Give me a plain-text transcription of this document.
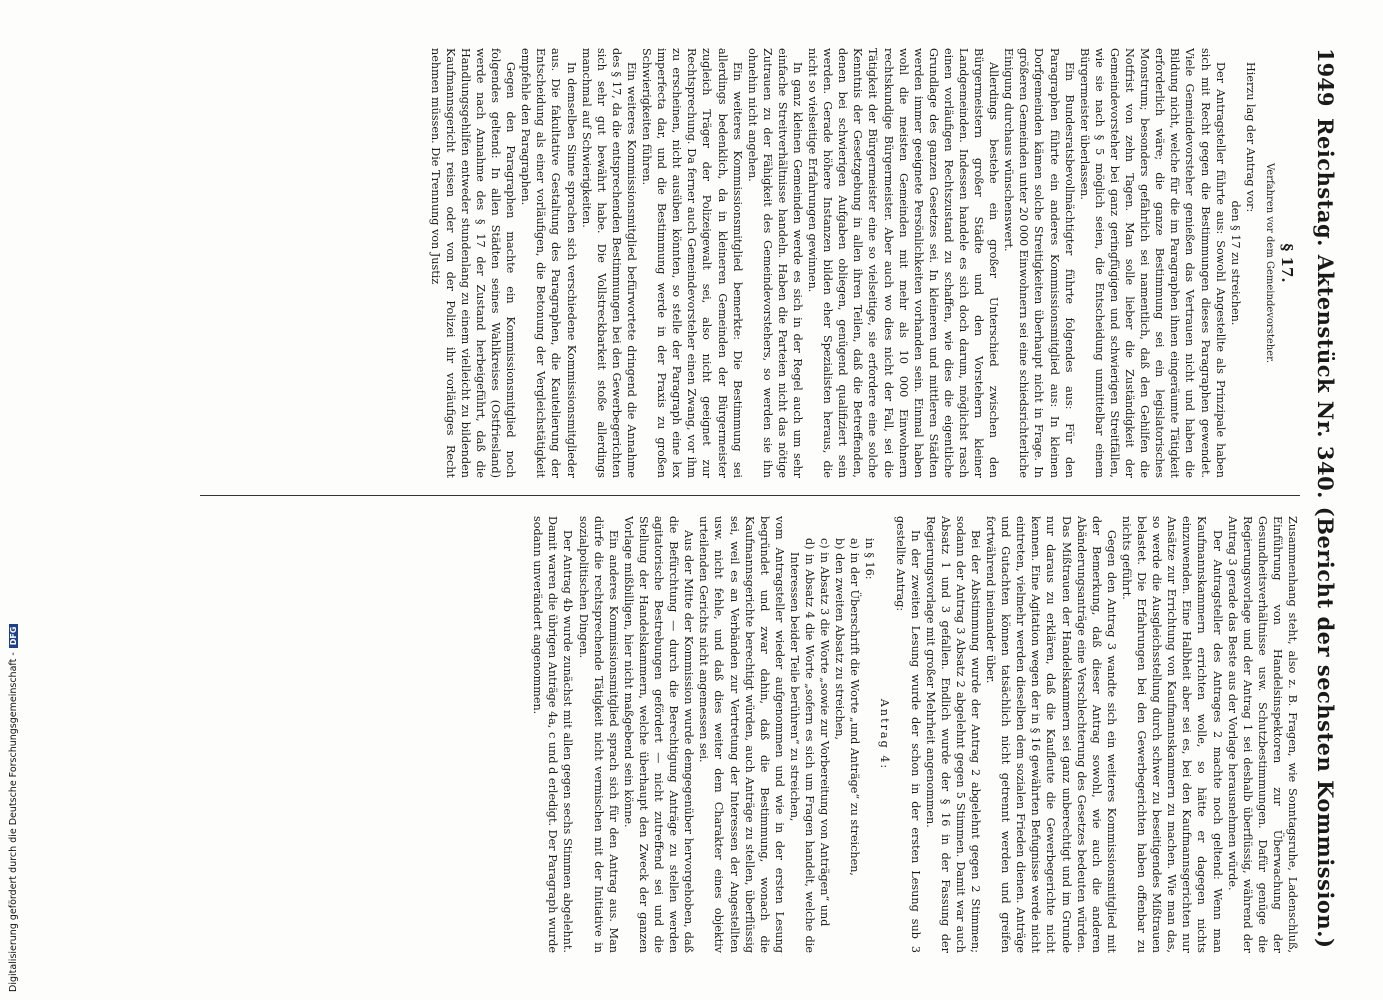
1949
Reichstag. Aktenstück Nr. 340. (Bericht der sechsten Kommission.)
§ 17.
Verfahren vor dem Gemeindevorsteher.

Hierzu lag der Antrag vor:

den § 17 zu streichen.

Der Antragsteller führte aus: Sowohl Angestellte als Prinzipale haben sich mit Recht gegen die Bestimmungen dieses Paragraphen gewendet. Viele Gemeindevorsteher genießen das Vertrauen nicht und haben die Bildung nicht, welche für die im Paragraphen ihnen eingeräumte Tätigkeit erforderlich wäre; die ganze Bestimmung sei ein legislatorisches Monstrum; besonders gefährlich sei namentlich, daß den Gehilfen die Notfrist von zehn Tagen. Man solle lieber die Zuständigkeit der Gemeindevorsteher bei ganz geringfügigen und schwierigen Streitfällen, wie sie nach § 5 möglich seien, die Entscheidung unmittelbar einem Bürgermeister überlassen.

Ein Bundesratsbevollmächtigter führte folgendes aus: Für den Paragraphen führte ein anderes Kommissionsmitglied aus: In kleinen Dorfgemeinden kämen solche Streitigkeiten überhaupt nicht in Frage. In größeren Gemeinden unter 20 000 Einwohnern sei eine schiedsrichterliche Einigung durchaus wünschenswert.

Allerdings bestehe ein großer Unterschied zwischen den Bürgermeistern großer Städte und den Vorstehern kleiner Landgemeinden. Indessen handele es sich doch darum, möglichst rasch einen vorläufigen Rechtszustand zu schaffen, wie dies die eigentliche Grundlage des ganzen Gesetzes sei. In kleineren und mittleren Städten werden immer geeignete Persönlichkeiten vorhanden sein. Einmal haben wohl die meisten Gemeinden mit mehr als 10 000 Einwohnern rechtskundige Bürgermeister. Aber auch wo dies nicht der Fall, sei die Tätigkeit der Bürgermeister eine so vielseitige, sie erfordere eine solche Kenntnis der Gesetzgebung in allen ihren Teilen, daß die Betreffenden, denen bei schwierigen Aufgaben obliegen, genügend qualifiziert sein werden. Gerade höhere Instanzen bilden eher Spezialisten heraus, die nicht so vielseitige Erfahrungen gewinnen.

In ganz kleinen Gemeinden werde es sich in der Regel auch um sehr einfache Streitverhältnisse handeln. Haben die Parteien nicht das nötige Zutrauen zu der Fähigkeit des Gemeindevorstehers, so werden sie ihn ohnehin nicht angehen.

Ein weiteres Kommissionsmitglied bemerkte: Die Bestimmung sei allerdings bedenklich, da in kleineren Gemeinden der Bürgermeister zugleich Träger der Polizeigewalt sei, also nicht geeignet zur Rechtsprechung. Da ferner auch Gemeindevorsteher einen Zwang, vor ihm zu erscheinen, nicht ausüben könnten, so stelle der Paragraph eine lex imperfecta dar, und die Bestimmung werde in der Praxis zu großen Schwierigkeiten führen.

Ein weiteres Kommissionsmitglied befürwortete dringend die Annahme des § 17, da die entsprechenden Bestimmungen bei den Gewerbegerichten sich sehr gut bewährt habe. Die Vollstreckbarkeit stoße allerdings manchmal auf Schwierigkeiten.

In demselben Sinne sprachen sich verschiedene Kommissionsmitglieder aus. Die fakultative Gestaltung des Paragraphen, die Kautelierung der Entscheidung als einer vorläufigen, die Betonung der Vergleichstätigkeit empfehle den Paragraphen.

Gegen den Paragraphen machte ein Kommissionsmitglied noch folgendes geltend: In allen Städten seines Wahlkreises (Ostfriesland) werde nach Annahme des § 17 der Zustand herbeigeführt, daß die Handlungsgehilfen entweder stundenlang zu einem vielleicht zu bildenden Kaufmannsgericht reisen oder von der Polizei ihr vorläufiges Recht nehmen müssen. Die Trennung von Justiz

Zusammenhang steht, also z. B. Fragen, wie Sonntagsruhe, Ladenschluß, Einführung von Handelsinspektoren zur Überwachung der Gesundheitsverhältnisse usw. Schutzbestimmungen. Dafür genüge die Regierungsvorlage und der Antrag 1 sei deshalb überflüssig, während der Antrag 3 gerade das Beste aus der Vorlage herausnehmen würde.

Der Antragsteller des Antrages 2 machte noch geltend: Wenn man Kaufmannskammern errichten wolle, so hätte er dagegen nichts einzuwenden. Eine Halbheit aber sei es, bei den Kaufmannsgerichten nur Ansätze zur Errichtung von Kaufmannskammern zu machen. Wie man das, so werde die Ausgleichsstellung durch schwer zu beseitigendes Mißtrauen belastet. Die Erfahrungen bei den Gewerbegerichten haben offenbar zu nichts geführt.

Gegen den Antrag 3 wandte sich ein weiteres Kommissionsmitglied mit der Bemerkung, daß dieser Antrag sowohl, wie auch die anderen Abänderungsanträge eine Verschlechterung des Gesetzes bedeuten würden. Das Mißtrauen der Handelskammern sei ganz unberechtigt und im Grunde nur daraus zu erklären, daß die Kaufleute die Gewerbegerichte nicht kennen. Eine Agitation wegen der in § 16 gewährten Befugnisse werde nicht eintreten, vielmehr werden dieselben dem sozialen Frieden dienen. Anträge und Gutachten können tatsächlich nicht getrennt werden und greifen fortwährend ineinander über.

Bei der Abstimmung wurde der Antrag 2 abgelehnt gegen 2 Stimmen; sodann der Antrag 3 Absatz 2 abgelehnt gegen 5 Stimmen. Damit war auch Absatz 1 und 3 gefallen. Endlich wurde der § 16 in der Fassung der Regierungsvorlage mit großer Mehrheit angenommen.

In der zweiten Lesung wurde der schon in der ersten Lesung sub 3 gestellte Antrag:

Antrag 4:

in § 16:

a) in der Überschrift die Worte „und Anträge“ zu streichen,

b) den zweiten Absatz zu streichen,

c) in Absatz 3 die Worte „sowie zur Vorbereitung von Anträgen“ und

d) in Absatz 4 die Worte „sofern es sich um Fragen handelt, welche die Interessen beider Teile berühren“ zu streichen,

vom Antragsteller wieder aufgenommen und wie in der ersten Lesung begründet und zwar dahin, daß die Bestimmung, wonach die Kaufmannsgerichte berechtigt würden, auch Anträge zu stellen, überflüssig sei, weil es an Verbänden zur Vertretung der Interessen der Angestellten usw. nicht fehle, und daß dies weiter dem Charakter eines objektiv urteilenden Gerichts nicht angemessen sei.

Aus der Mitte der Kommission wurde demgegenüber hervorgehoben, daß die Befürchtung — durch die Berechtigung Anträge zu stellen werden agitatorische Bestrebungen gefördert — nicht zutreffend sei und die Stellung der Handelskammern, welche überhaupt den Zweck der ganzen Vorlage mißbilligen, hier nicht maßgebend sein könne.

Ein anderes Kommissionsmitglied sprach sich für den Antrag aus. Man dürfe die rechtsprechende Tätigkeit nicht vermischen mit der Initiative in sozialpolitischen Dingen.

Der Antrag 4b wurde zunächst mit allen gegen sechs Stimmen abgelehnt. Damit waren die übrigen Anträge 4a, c und d erledigt. Der Paragraph wurde sodann unverändert angenommen.

Digitalisierung gefördert durch die Deutsche Forschungsgemeinschaft -DFG
